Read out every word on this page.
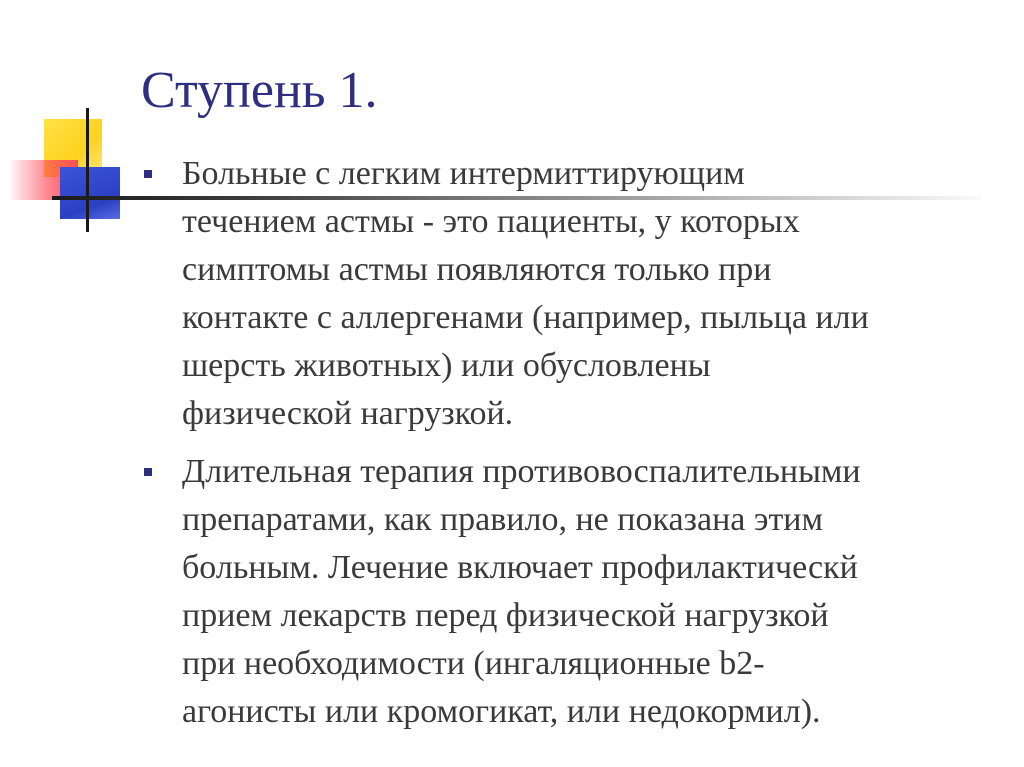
Ступень 1.
Больные с легким интермиттирующим
течением астмы - это пациенты, у которых
симптомы астмы появляются только при
контакте с аллергенами (например, пыльца или
шерсть животных) или обусловлены
физической нагрузкой.
Длительная терапия противовоспалительными
препаратами, как правило, не показана этим
больным. Лечение включает профилактическй
прием лекарств перед физической нагрузкой
при необходимости (ингаляционные b2-
агонисты или кромогикат, или недокормил).
